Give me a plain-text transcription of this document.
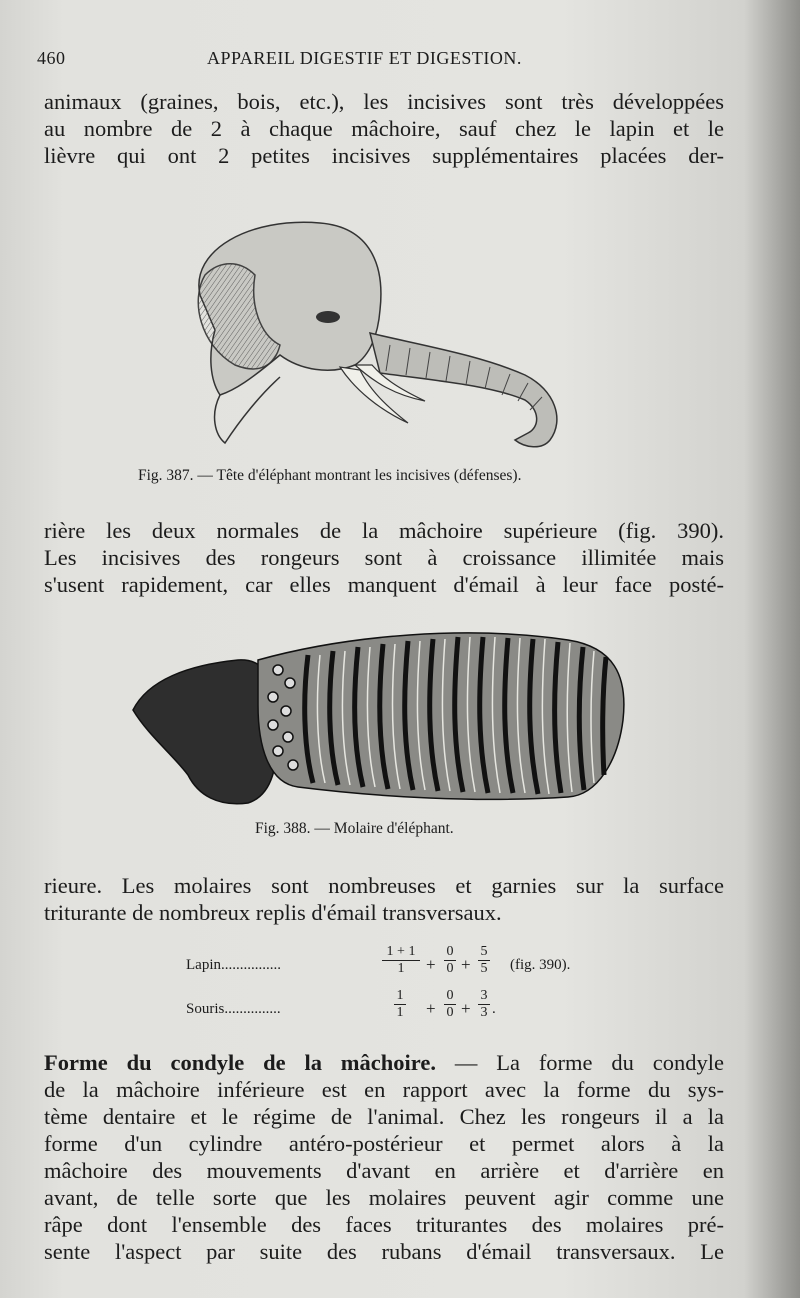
460	APPAREIL DIGESTIF ET DIGESTION.
animaux (graines, bois, etc.), les incisives sont très développées
au nombre de 2 à chaque mâchoire, sauf chez le lapin et le
lièvre qui ont 2 petites incisives supplémentaires placées der-
Fig. 387. — Tête d'éléphant montrant les incisives (défenses).
rière les deux normales de la mâchoire supérieure (fig. 390).
Les incisives des rongeurs sont à croissance illimitée mais
s'usent rapidement, car elles manquent d'émail à leur face posté-
Fig. 388. — Molaire d'éléphant.
rieure. Les molaires sont nombreuses et garnies sur la surface
triturante de nombreux replis d'émail transversaux.
Lapin................
1 + 1
1	+
0
0 +
5
5 (fig. 390).
Souris...............
1
1 +
0
0 +
3
3 .
Forme du condyle de la mâchoire. — La forme du condyle
de la mâchoire inférieure est en rapport avec la forme du sys-
tème dentaire et le régime de l'animal. Chez les rongeurs il a la
forme d'un cylindre antéro-postérieur et permet alors à la
mâchoire des mouvements d'avant en arrière et d'arrière en
avant, de telle sorte que les molaires peuvent agir comme une
râpe dont l'ensemble des faces triturantes des molaires pré-
sente l'aspect par suite des rubans d'émail transversaux. Le
